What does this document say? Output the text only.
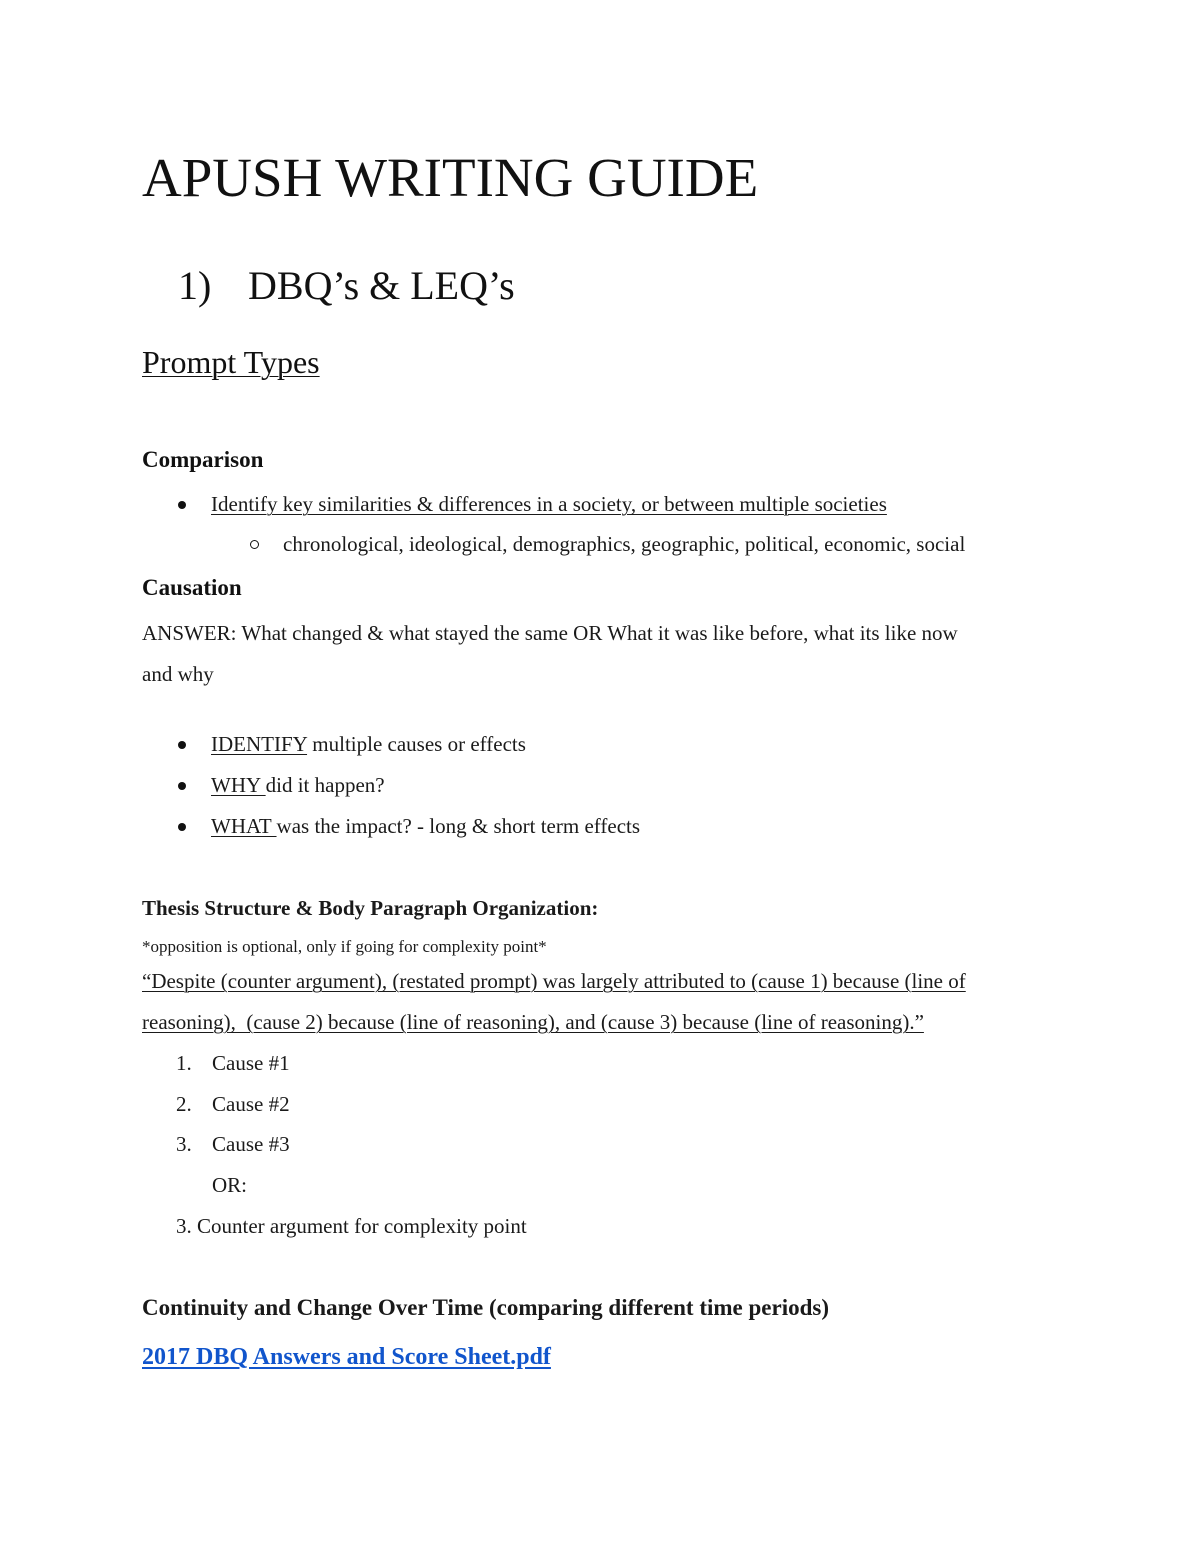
APUSH WRITING GUIDE
1) DBQ’s & LEQ’s
Prompt Types
Comparison
Identify key similarities & differences in a society, or between multiple societies
chronological, ideological, demographics, geographic, political, economic, social
Causation
ANSWER: What changed & what stayed the same OR What it was like before, what its like now
and why
IDENTIFY multiple causes or effects
WHY did it happen?
WHAT was the impact? - long & short term effects
Thesis Structure & Body Paragraph Organization:
*opposition is optional, only if going for complexity point*
“Despite (counter argument), (restated prompt) was largely attributed to (cause 1) because (line of
reasoning),  (cause 2) because (line of reasoning), and (cause 3) because (line of reasoning).”
1. Cause #1
2. Cause #2
3. Cause #3
OR:
3. Counter argument for complexity point
Continuity and Change Over Time (comparing different time periods)
2017 DBQ Answers and Score Sheet.pdf
